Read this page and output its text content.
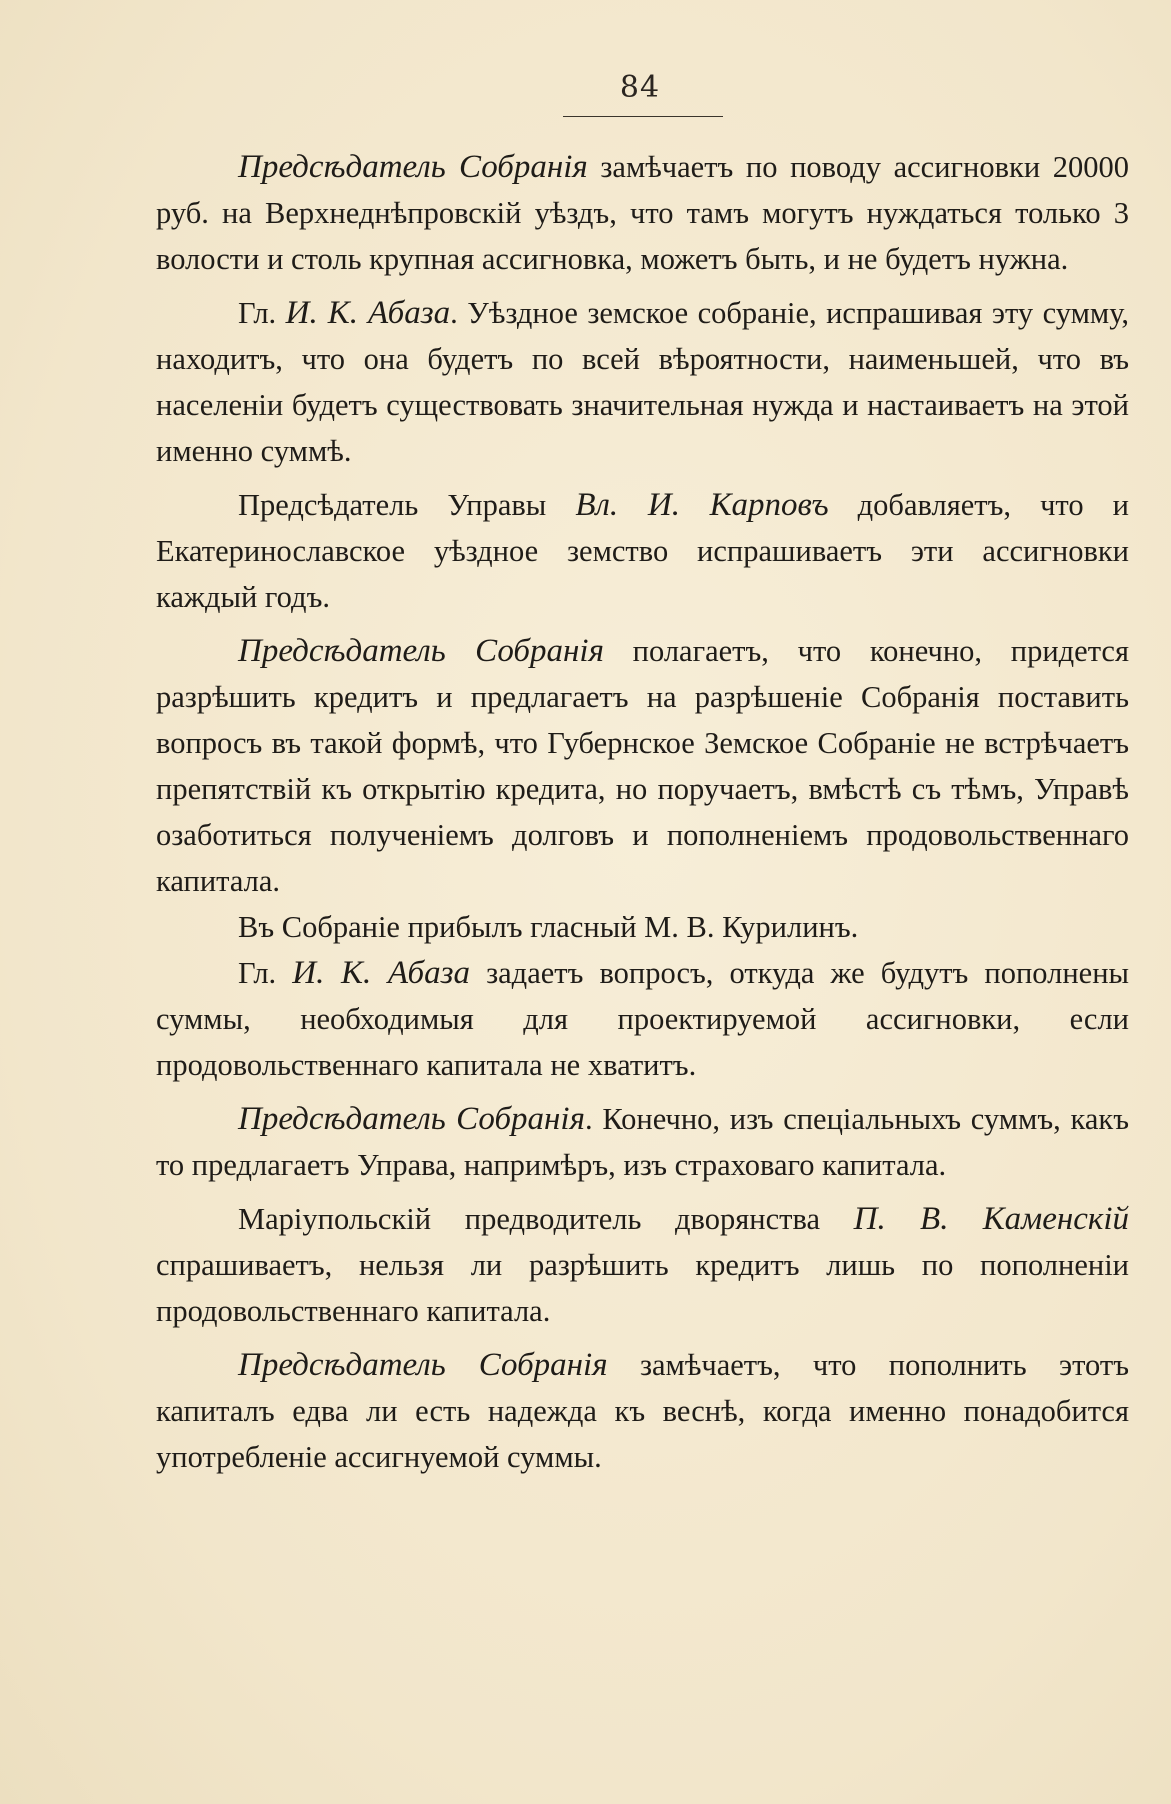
84

Предсѣдатель Собранія замѣчаетъ по поводу ассигновки 20000 руб. на Верхнеднѣпровскій уѣздъ, что тамъ могутъ нуждаться только 3 волости и столь крупная ассигновка, можетъ быть, и не будетъ нужна.

Гл. И. К. Абаза. Уѣздное земское собраніе, испрашивая эту сумму, находитъ, что она будетъ по всей вѣроятности, наименьшей, что въ населеніи будетъ существовать значительная нужда и настаиваетъ на этой именно суммѣ.

Предсѣдатель Управы Вл. И. Карповъ добавляетъ, что и Екатеринославское уѣздное земство испрашиваетъ эти ассигновки каждый годъ.

Предсѣдатель Собранія полагаетъ, что конечно, придется разрѣшить кредитъ и предлагаетъ на разрѣшеніе Собранія поставить вопросъ въ такой формѣ, что Губернское Земское Собраніе не встрѣчаетъ препятствій къ открытію кредита, но поручаетъ, вмѣстѣ съ тѣмъ, Управѣ озаботиться полученіемъ долговъ и пополненіемъ продовольственнаго капитала.

Въ Собраніе прибылъ гласный М. В. Курилинъ.

Гл. И. К. Абаза задаетъ вопросъ, откуда же будутъ пополнены суммы, необходимыя для проектируемой ассигновки, если продовольственнаго капитала не хватитъ.

Предсѣдатель Собранія. Конечно, изъ спеціальныхъ суммъ, какъ то предлагаетъ Управа, напримѣръ, изъ страховаго капитала.

Маріупольскій предводитель дворянства П. В. Каменскій спрашиваетъ, нельзя ли разрѣшить кредитъ лишь по пополненіи продовольственнаго капитала.

Предсѣдатель Собранія замѣчаетъ, что пополнить этотъ капиталъ едва ли есть надежда къ веснѣ, когда именно понадобится употребленіе ассигнуемой суммы.
